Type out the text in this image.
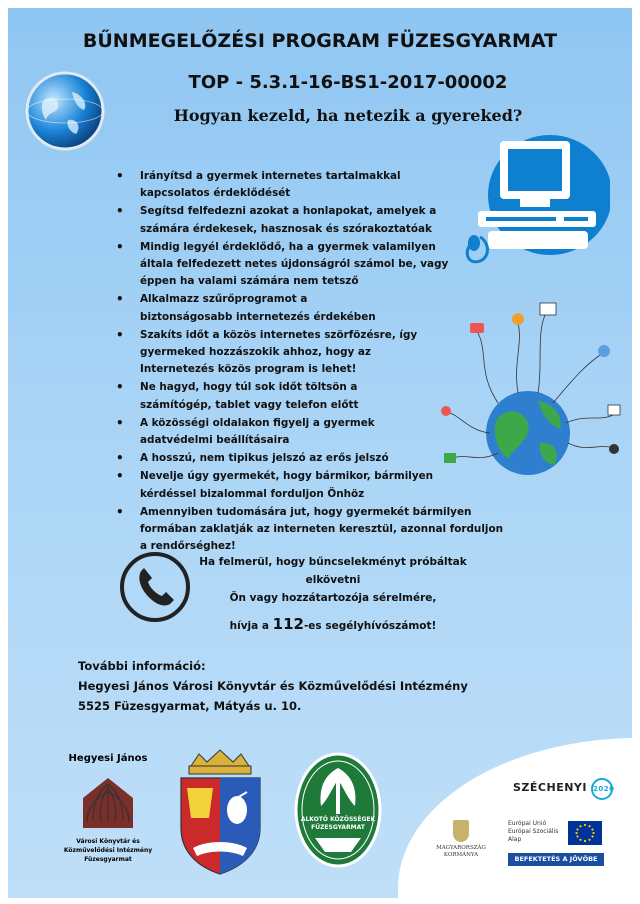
BŰNMEGELŐZÉSI PROGRAM FÜZESGYARMAT
TOP - 5.3.1-16-BS1-2017-00002
Hogyan kezeld, ha netezik a gyereked?
• Irányítsd a gyermek internetes tartalmakkal kapcsolatos érdeklődését
• Segítsd felfedezni azokat a honlapokat, amelyek a számára érdekesek, hasznosak és szórakoztatóak
• Mindig legyél érdeklődő, ha a gyermek valamilyen általa felfedezett netes újdonságról számol be, vagy éppen ha valami számára nem tetsző
• Alkalmazz szűrőprogramot a biztonságosabb internetezés érdekében
• Szakíts időt a közös internetes szörfözésre, így gyermeked hozzászokik ahhoz, hogy az Internetezés közös program is lehet!
• Ne hagyd, hogy túl sok időt töltsön a számítógép, tablet vagy telefon előtt
• A közösségi oldalakon figyelj a gyermek adatvédelmi beállításaira
• A hosszú, nem tipikus jelszó az erős jelszó
• Nevelje úgy gyermekét, hogy bármikor, bármilyen kérdéssel bizalommal forduljon Önhöz
• Amennyiben tudomására jut, hogy gyermekét bármilyen formában zaklatják az interneten keresztül, azonnal forduljon a rendőrséghez!
Ha felmerül, hogy bűncselekményt próbáltak elkövetni
Ön vagy hozzátartozója sérelmére,
hívja a 112-es segélyhívószámot!
További információ:
Hegyesi János Városi Könyvtár és Közművelődési Intézmény
5525 Füzesgyarmat, Mátyás u. 10.
Hegyesi János
Városi Könyvtár és
Közművelődési Intézmény
Füzesgyarmat
ALKOTÓ KÖZÖSSÉGEK
FÜZESGYARMAT
SZÉCHENYI 2020
MAGYARORSZÁG
KORMÁNYA
Európai Unió
Európai Szociális
Alap
BEFEKTETÉS A JÖVŐBE
